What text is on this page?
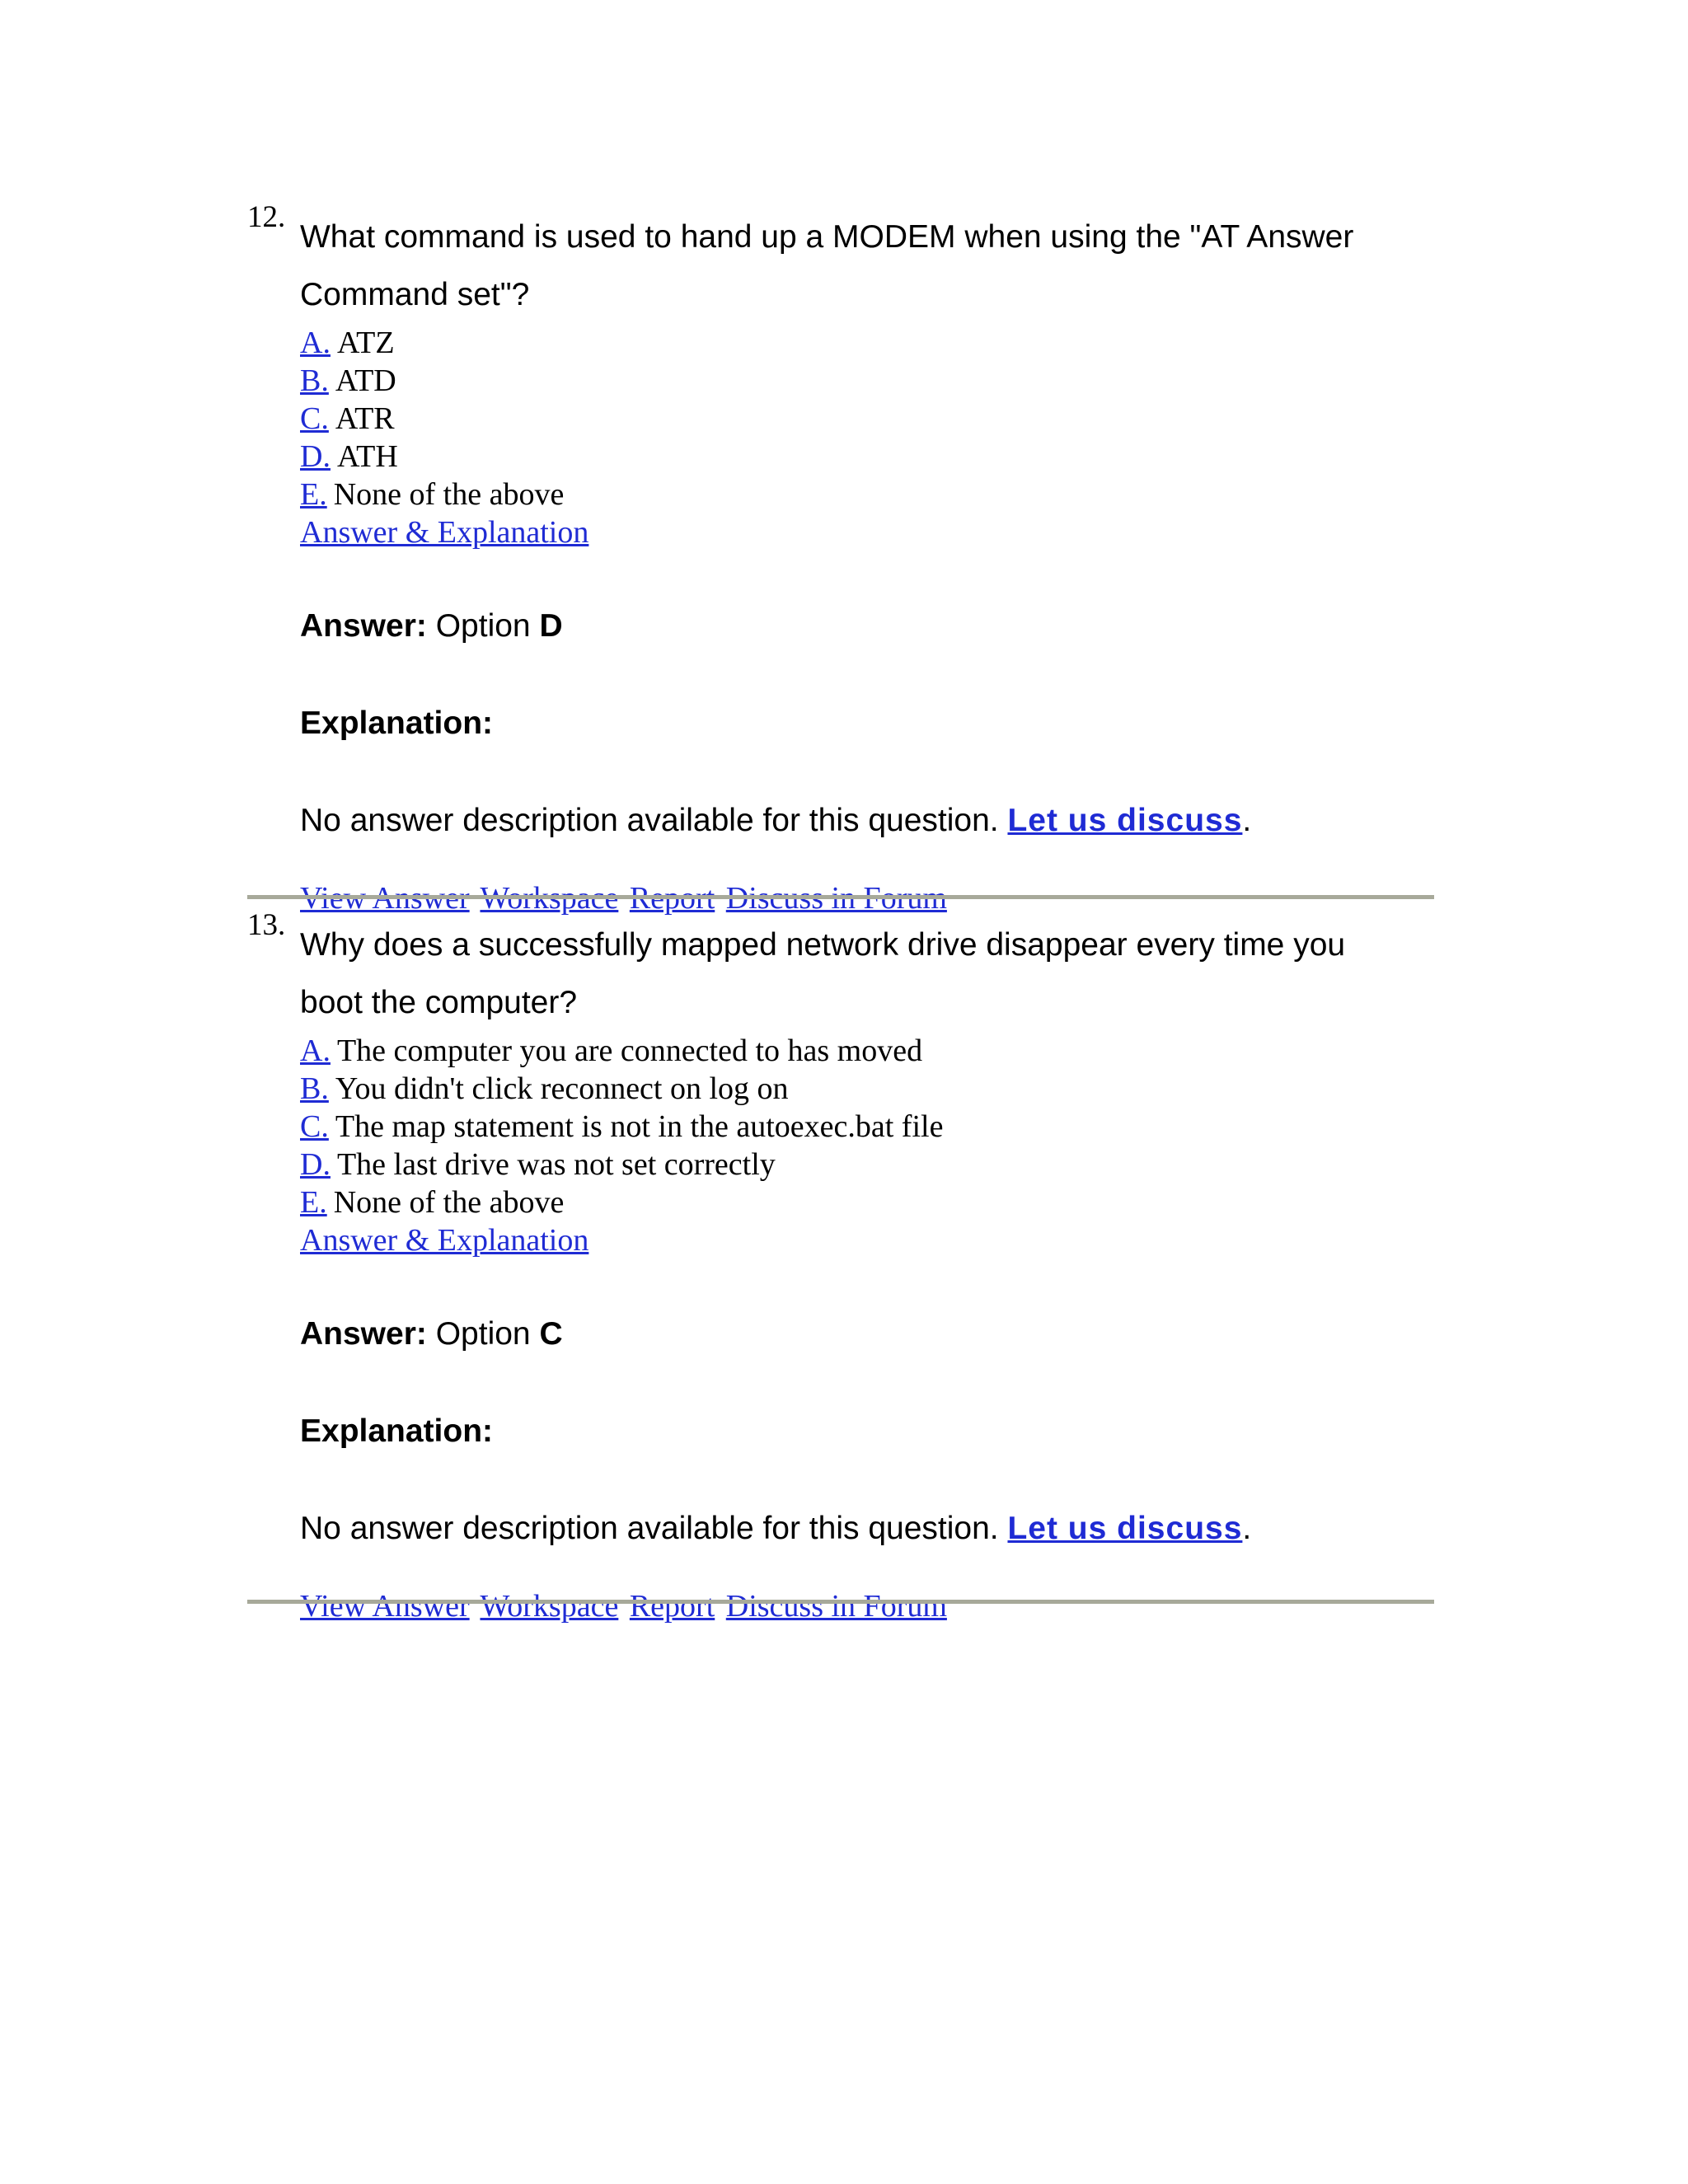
12.

What command is used to hand up a MODEM when using the "AT Answer Command set"?

A. ATZ
B. ATD
C. ATR
D. ATH
E. None of the above
Answer & Explanation
Answer: Option D
Explanation:
No answer description available for this question. Let us discuss.
View Answer Workspace Report Discuss in Forum
13.

Why does a successfully mapped network drive disappear every time you boot the computer?

A. The computer you are connected to has moved
B. You didn't click reconnect on log on
C. The map statement is not in the autoexec.bat file
D. The last drive was not set correctly
E. None of the above
Answer & Explanation
Answer: Option C
Explanation:
No answer description available for this question. Let us discuss.
View Answer Workspace Report Discuss in Forum
